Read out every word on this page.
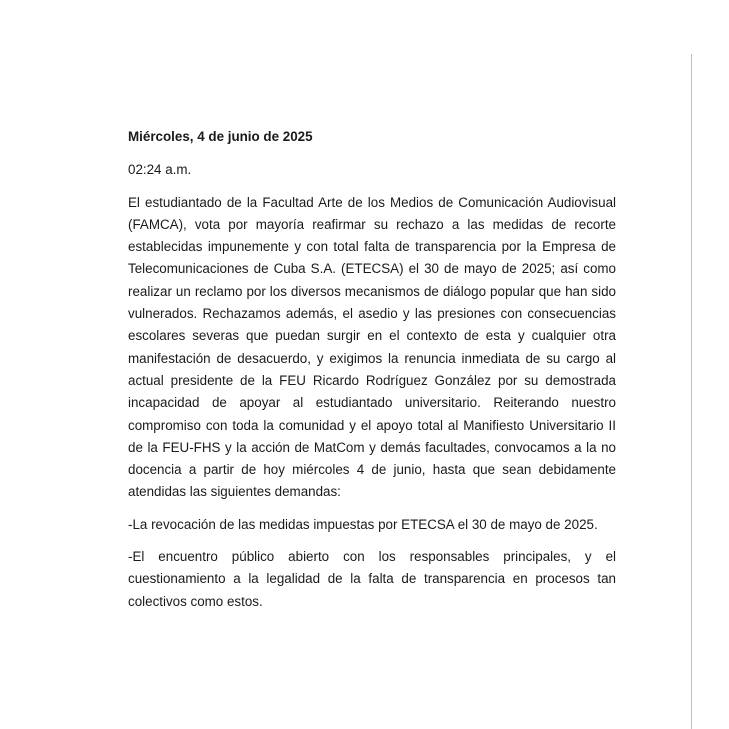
Miércoles, 4 de junio de 2025

02:24 a.m.

El estudiantado de la Facultad Arte de los Medios de Comunicación Audiovisual (FAMCA), vota por mayoría reafirmar su rechazo a las medidas de recorte establecidas impunemente y con total falta de transparencia por la Empresa de Telecomunicaciones de Cuba S.A. (ETECSA) el 30 de mayo de 2025; así como realizar un reclamo por los diversos mecanismos de diálogo popular que han sido vulnerados. Rechazamos además, el asedio y las presiones con consecuencias escolares severas que puedan surgir en el contexto de esta y cualquier otra manifestación de desacuerdo, y exigimos la renuncia inmediata de su cargo al actual presidente de la FEU Ricardo Rodríguez González por su demostrada incapacidad de apoyar al estudiantado universitario. Reiterando nuestro compromiso con toda la comunidad y el apoyo total al Manifiesto Universitario II de la FEU-FHS y la acción de MatCom y demás facultades, convocamos a la no docencia a partir de hoy miércoles 4 de junio, hasta que sean debidamente atendidas las siguientes demandas:

-La revocación de las medidas impuestas por ETECSA el 30 de mayo de 2025.

-El encuentro público abierto con los responsables principales, y el cuestionamiento a la legalidad de la falta de transparencia en procesos tan colectivos como estos.
